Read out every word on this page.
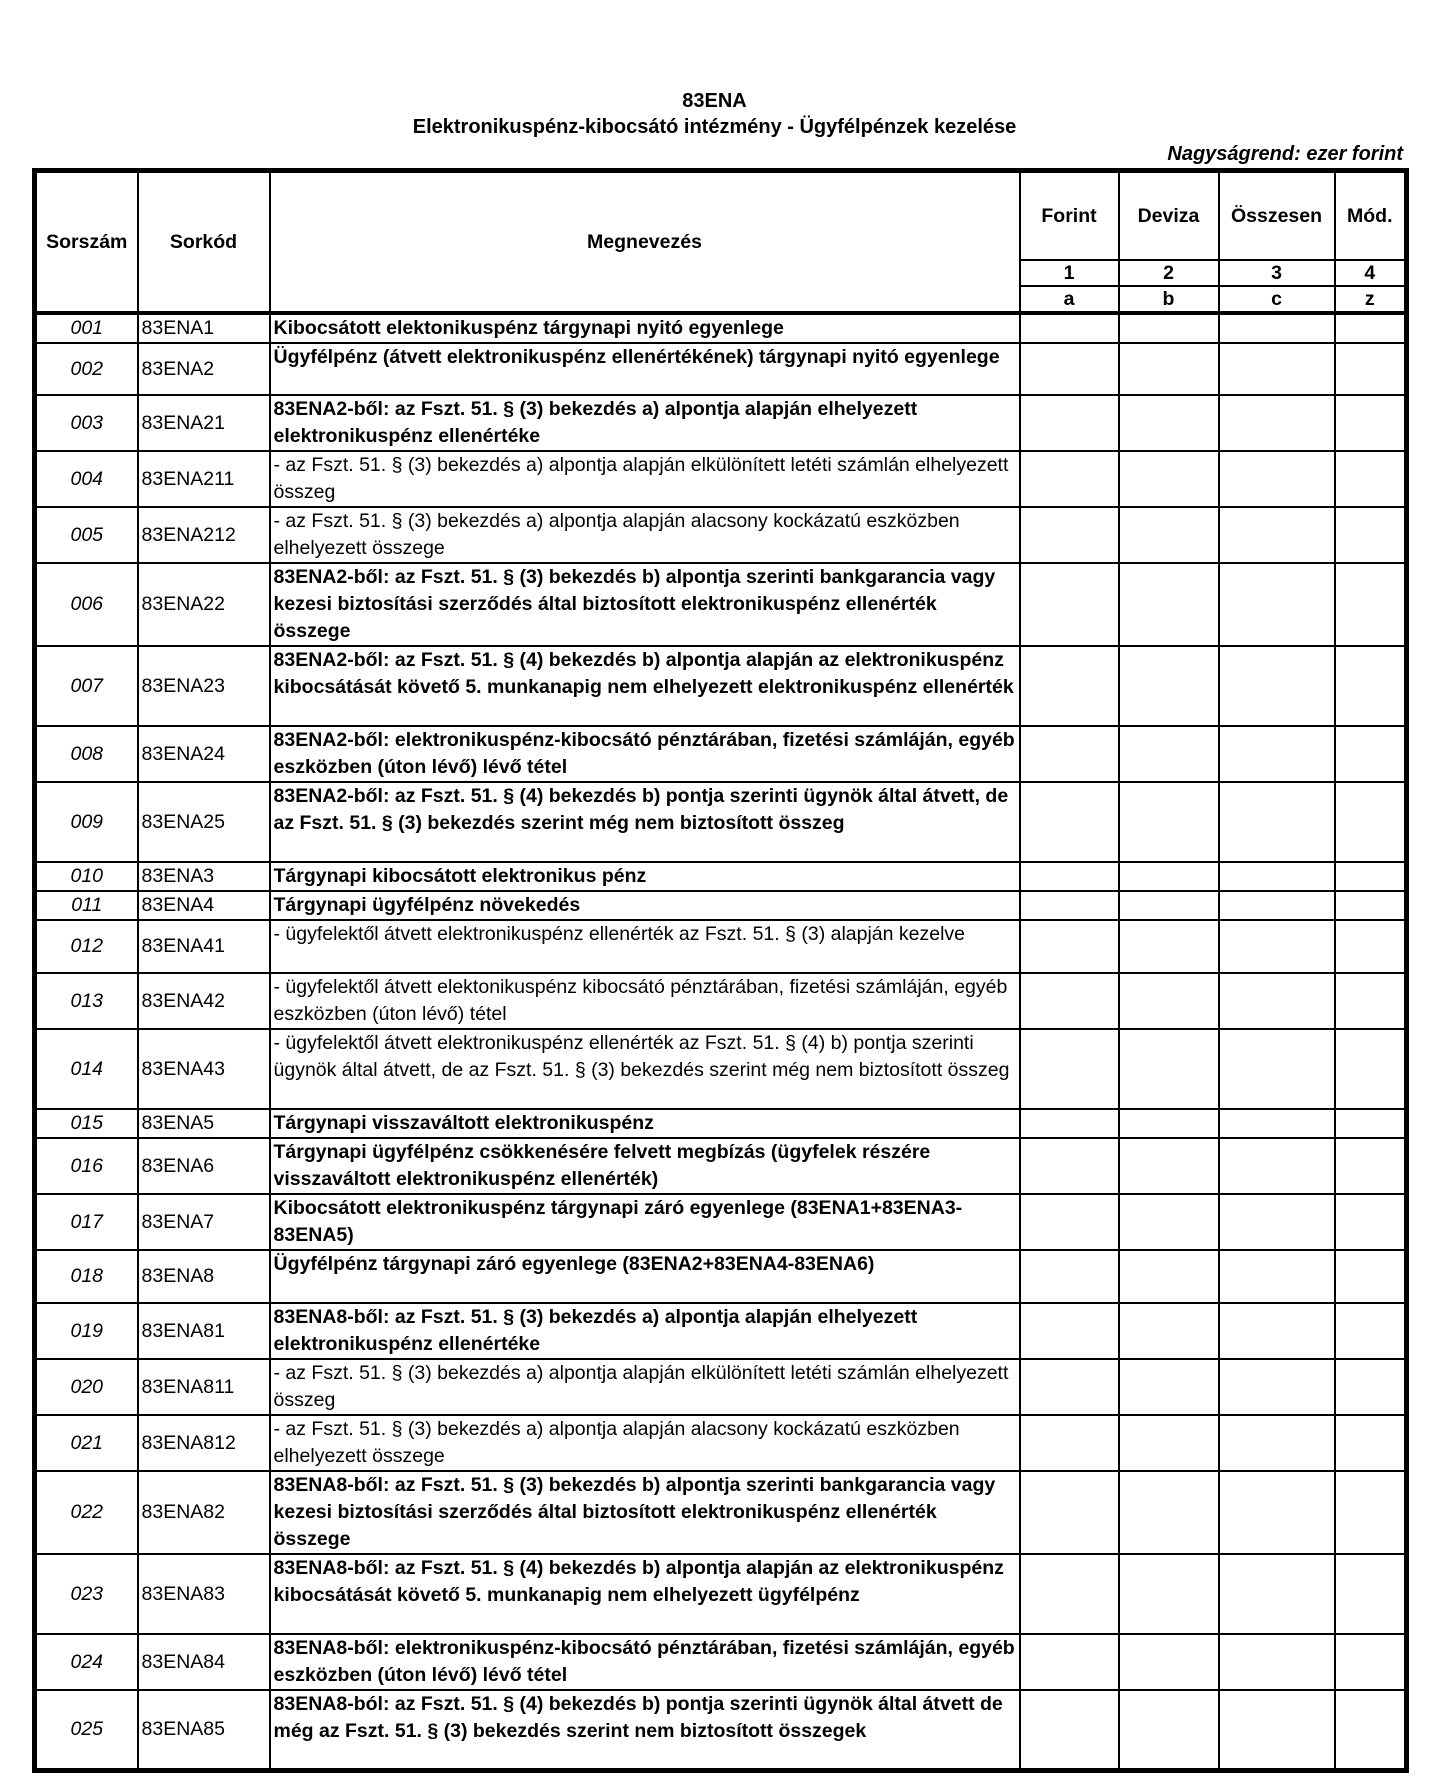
83ENA
Elektronikuspénz-kibocsátó intézmény - Ügyfélpénzek kezelése
Nagyságrend: ezer forint
Sorszám	Sorkód	Megnevezés	Forint	Deviza	Összesen	Mód.
			1	2	3	4
			a	b	c	z
001	83ENA1	Kibocsátott elektonikuspénz tárgynapi nyitó egyenlege				
002	83ENA2	Ügyfélpénz (átvett elektronikuspénz ellenértékének) tárgynapi nyitó egyenlege				
003	83ENA21	83ENA2-ből: az Fszt. 51. § (3) bekezdés a) alpontja alapján elhelyezett elektronikuspénz ellenértéke				
004	83ENA211	- az Fszt. 51. § (3) bekezdés a) alpontja alapján elkülönített letéti számlán elhelyezett összeg				
005	83ENA212	- az Fszt. 51. § (3) bekezdés a) alpontja alapján alacsony kockázatú eszközben elhelyezett összege				
006	83ENA22	83ENA2-ből: az Fszt. 51. § (3) bekezdés b) alpontja szerinti bankgarancia vagy kezesi biztosítási szerződés által biztosított elektronikuspénz ellenérték összege				
007	83ENA23	83ENA2-ből: az Fszt. 51. § (4) bekezdés b) alpontja alapján az elektronikuspénz kibocsátását követő 5. munkanapig nem elhelyezett elektronikuspénz ellenérték				
008	83ENA24	83ENA2-ből: elektronikuspénz-kibocsátó pénztárában, fizetési számláján, egyéb eszközben (úton lévő) lévő tétel				
009	83ENA25	83ENA2-ből: az Fszt. 51. § (4) bekezdés b) pontja szerinti ügynök által átvett, de az Fszt. 51. § (3) bekezdés szerint még nem biztosított összeg				
010	83ENA3	Tárgynapi kibocsátott elektronikus pénz				
011	83ENA4	Tárgynapi ügyfélpénz növekedés				
012	83ENA41	- ügyfelektől átvett elektronikuspénz ellenérték az Fszt. 51. § (3) alapján kezelve				
013	83ENA42	- ügyfelektől átvett elektonikuspénz kibocsátó pénztárában, fizetési számláján, egyéb eszközben (úton lévő) tétel				
014	83ENA43	- ügyfelektől átvett elektronikuspénz ellenérték az Fszt. 51. § (4) b) pontja szerinti ügynök által átvett, de az Fszt. 51. § (3) bekezdés szerint még nem biztosított összeg				
015	83ENA5	Tárgynapi visszaváltott elektronikuspénz				
016	83ENA6	Tárgynapi ügyfélpénz csökkenésére felvett megbízás (ügyfelek részére visszaváltott elektronikuspénz ellenérték)				
017	83ENA7	Kibocsátott elektronikuspénz tárgynapi záró egyenlege (83ENA1+83ENA3-83ENA5)				
018	83ENA8	Ügyfélpénz tárgynapi záró egyenlege (83ENA2+83ENA4-83ENA6)				
019	83ENA81	83ENA8-ből: az Fszt. 51. § (3) bekezdés a) alpontja alapján elhelyezett elektronikuspénz ellenértéke				
020	83ENA811	- az Fszt. 51. § (3) bekezdés a) alpontja alapján elkülönített letéti számlán elhelyezett összeg				
021	83ENA812	- az Fszt. 51. § (3) bekezdés a) alpontja alapján alacsony kockázatú eszközben elhelyezett összege				
022	83ENA82	83ENA8-ből: az Fszt. 51. § (3) bekezdés b) alpontja szerinti bankgarancia vagy kezesi biztosítási szerződés által biztosított elektronikuspénz ellenérték összege				
023	83ENA83	83ENA8-ből: az Fszt. 51. § (4) bekezdés b) alpontja alapján az elektronikuspénz kibocsátását követő 5. munkanapig nem elhelyezett ügyfélpénz				
024	83ENA84	83ENA8-ből: elektronikuspénz-kibocsátó pénztárában, fizetési számláján, egyéb eszközben (úton lévő) lévő tétel				
025	83ENA85	83ENA8-ból: az Fszt. 51. § (4) bekezdés b) pontja szerinti ügynök által átvett de még az Fszt. 51. § (3) bekezdés szerint nem biztosított összegek				
